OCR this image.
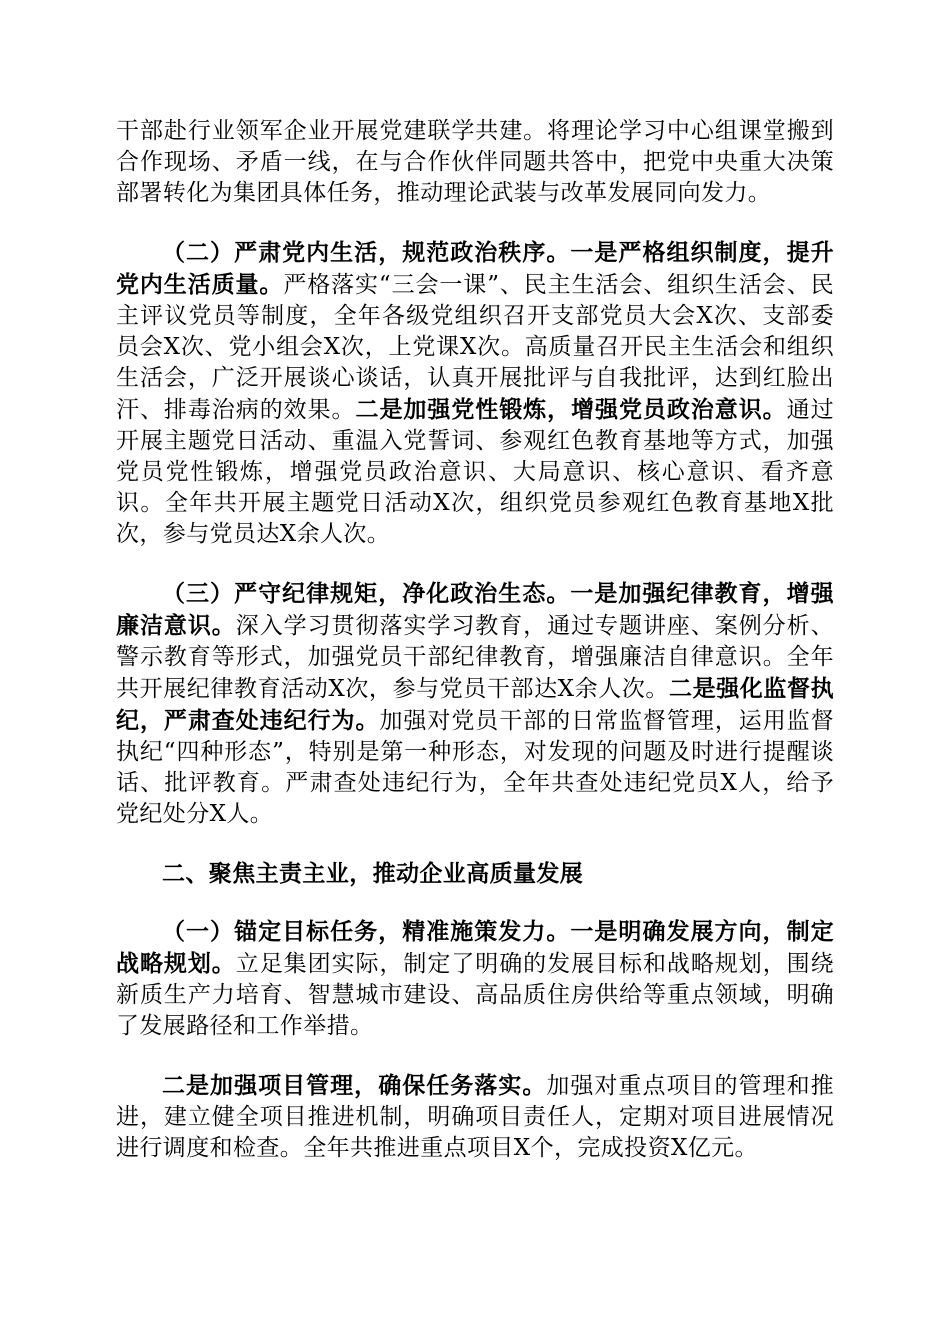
干部赴行业领军企业开展党建联学共建。将理论学习中心组课堂搬到合作现场、矛盾一线，在与合作伙伴同题共答中，把党中央重大决策部署转化为集团具体任务，推动理论武装与改革发展同向发力。

（二）严肃党内生活，规范政治秩序。一是严格组织制度，提升党内生活质量。严格落实“三会一课”、民主生活会、组织生活会、民主评议党员等制度，全年各级党组织召开支部党员大会X次、支部委员会X次、党小组会X次，上党课X次。高质量召开民主生活会和组织生活会，广泛开展谈心谈话，认真开展批评与自我批评，达到红脸出汗、排毒治病的效果。二是加强党性锻炼，增强党员政治意识。通过开展主题党日活动、重温入党誓词、参观红色教育基地等方式，加强党员党性锻炼，增强党员政治意识、大局意识、核心意识、看齐意识。全年共开展主题党日活动X次，组织党员参观红色教育基地X批次，参与党员达X余人次。

（三）严守纪律规矩，净化政治生态。一是加强纪律教育，增强廉洁意识。深入学习贯彻落实学习教育，通过专题讲座、案例分析、警示教育等形式，加强党员干部纪律教育，增强廉洁自律意识。全年共开展纪律教育活动X次，参与党员干部达X余人次。二是强化监督执纪，严肃查处违纪行为。加强对党员干部的日常监督管理，运用监督执纪“四种形态”，特别是第一种形态，对发现的问题及时进行提醒谈话、批评教育。严肃查处违纪行为，全年共查处违纪党员X人，给予党纪处分X人。

二、聚焦主责主业，推动企业高质量发展

（一）锚定目标任务，精准施策发力。一是明确发展方向，制定战略规划。立足集团实际，制定了明确的发展目标和战略规划，围绕新质生产力培育、智慧城市建设、高品质住房供给等重点领域，明确了发展路径和工作举措。

二是加强项目管理，确保任务落实。加强对重点项目的管理和推进，建立健全项目推进机制，明确项目责任人，定期对项目进展情况进行调度和检查。全年共推进重点项目X个，完成投资X亿元。
